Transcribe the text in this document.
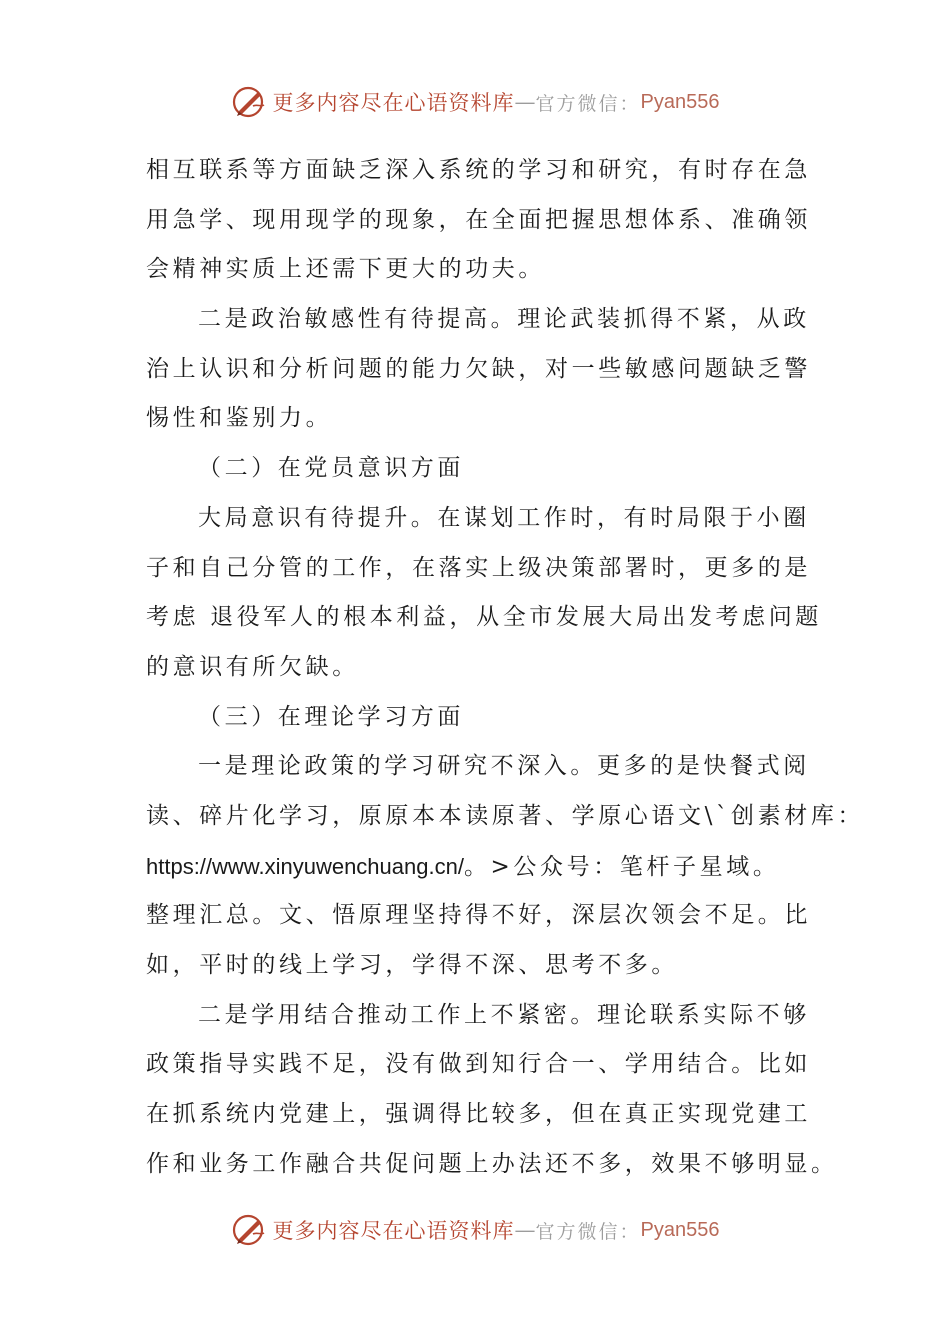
更多内容尽在心语资料库 — 官方微信： Pyan556
相互联系等方面缺乏深入系统的学习和研究，有时存在急
用急学、现用现学的现象，在全面把握思想体系、准确领
会精神实质上还需下更大的功夫。
二是政治敏感性有待提高。理论武装抓得不紧，从政
治上认识和分析问题的能力欠缺，对一些敏感问题缺乏警
惕性和鉴别力。
（二）在党员意识方面
大局意识有待提升。在谋划工作时，有时局限于小圈
子和自己分管的工作，在落实上级决策部署时，更多的是
考虑 退役军人的根本利益，从全市发展大局出发考虑问题
的意识有所欠缺。
（三）在理论学习方面
一是理论政策的学习研究不深入。更多的是快餐式阅
读、碎片化学习，原原本本读原著、学原心语文\`创素材库：
https://www.xinyuwenchuang.cn/。>公众号：笔杆子星域。
整理汇总。文、悟原理坚持得不好，深层次领会不足。比
如，平时的线上学习，学得不深、思考不多。
二是学用结合推动工作上不紧密。理论联系实际不够
政策指导实践不足，没有做到知行合一、学用结合。比如
在抓系统内党建上，强调得比较多，但在真正实现党建工
作和业务工作融合共促问题上办法还不多，效果不够明显。
更多内容尽在心语资料库 — 官方微信： Pyan556
